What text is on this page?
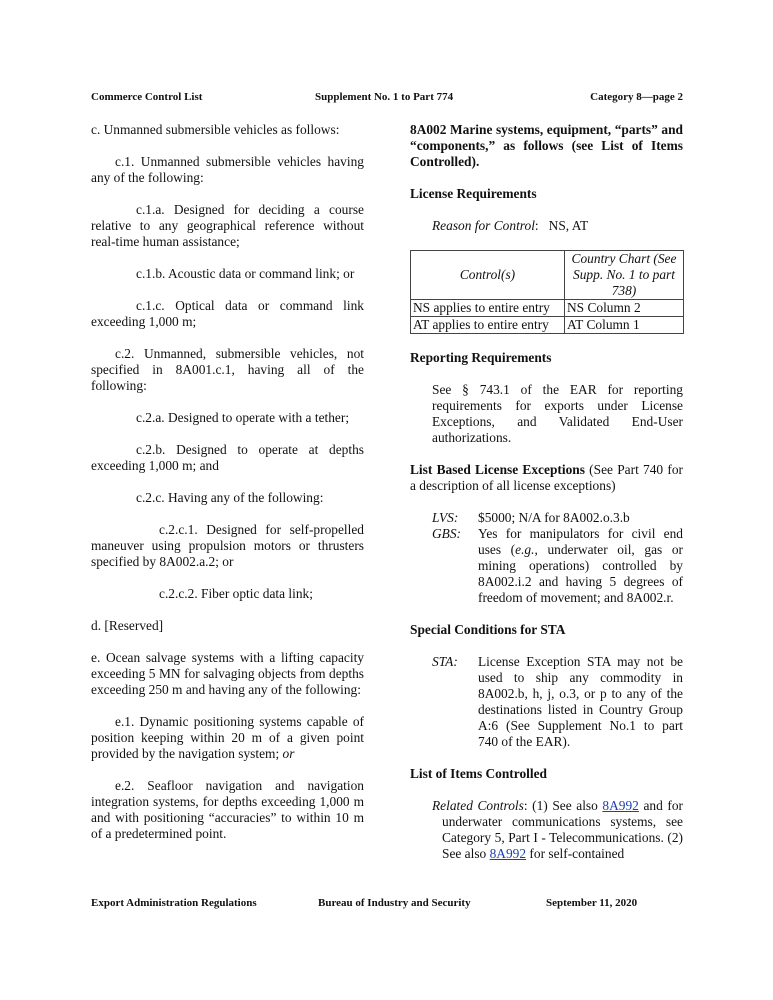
Commerce Control List	Supplement No. 1 to Part 774	Category 8—page 2

c. Unmanned submersible vehicles as follows:

c.1. Unmanned submersible vehicles having any of the following:

c.1.a. Designed for deciding a course relative to any geographical reference without real-time human assistance;

c.1.b. Acoustic data or command link; or

c.1.c. Optical data or command link exceeding 1,000 m;

c.2. Unmanned, submersible vehicles, not specified in 8A001.c.1, having all of the following:

c.2.a. Designed to operate with a tether;

c.2.b. Designed to operate at depths exceeding 1,000 m; and

c.2.c. Having any of the following:

c.2.c.1. Designed for self-propelled maneuver using propulsion motors or thrusters specified by 8A002.a.2; or

c.2.c.2. Fiber optic data link;

d. [Reserved]

e. Ocean salvage systems with a lifting capacity exceeding 5 MN for salvaging objects from depths exceeding 250 m and having any of the following:

e.1. Dynamic positioning systems capable of position keeping within 20 m of a given point provided by the navigation system; or

e.2. Seafloor navigation and navigation integration systems, for depths exceeding 1,000 m and with positioning “accuracies” to within 10 m of a predetermined point.

8A002 Marine systems, equipment, “parts” and “components,” as follows (see List of Items Controlled).

License Requirements

Reason for Control:   NS, AT

Control(s)	Country Chart (See Supp. No. 1 to part 738)
NS applies to entire entry	NS Column 2
AT applies to entire entry	AT Column 1

Reporting Requirements

See § 743.1 of the EAR for reporting requirements for exports under License Exceptions, and Validated End-User authorizations.

List Based License Exceptions (See Part 740 for a description of all license exceptions)

LVS:	$5000; N/A for 8A002.o.3.b
GBS:	Yes for manipulators for civil end uses (e.g., underwater oil, gas or mining operations) controlled by 8A002.i.2 and having 5 degrees of freedom of movement; and 8A002.r.

Special Conditions for STA

STA:	License Exception STA may not be used to ship any commodity in 8A002.b, h, j, o.3, or p to any of the destinations listed in Country Group A:6 (See Supplement No.1 to part 740 of the EAR).

List of Items Controlled

Related Controls: (1) See also 8A992 and for underwater communications systems, see Category 5, Part I - Telecommunications. (2) See also 8A992 for self-contained

Export Administration Regulations	Bureau of Industry and Security	September 11, 2020
